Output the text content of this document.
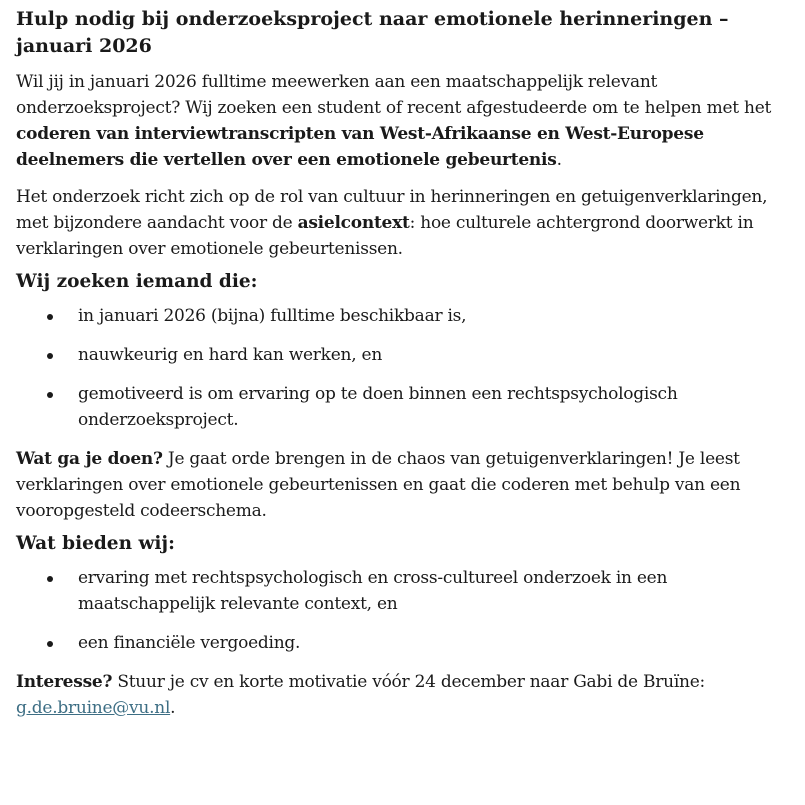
Hulp nodig bij onderzoeksproject naar emotionele herinneringen – januari 2026

Wil jij in januari 2026 fulltime meewerken aan een maatschappelijk relevant onderzoeksproject? Wij zoeken een student of recent afgestudeerde om te helpen met het coderen van interviewtranscripten van West-Afrikaanse en West-Europese deelnemers die vertellen over een emotionele gebeurtenis.

Het onderzoek richt zich op de rol van cultuur in herinneringen en getuigenverklaringen, met bijzondere aandacht voor de asielcontext: hoe culturele achtergrond doorwerkt in verklaringen over emotionele gebeurtenissen.

Wij zoeken iemand die:
in januari 2026 (bijna) fulltime beschikbaar is,
nauwkeurig en hard kan werken, en
gemotiveerd is om ervaring op te doen binnen een rechtspsychologisch onderzoeksproject.

Wat ga je doen? Je gaat orde brengen in de chaos van getuigenverklaringen! Je leest verklaringen over emotionele gebeurtenissen en gaat die coderen met behulp van een vooropgesteld codeerschema.

Wat bieden wij:
ervaring met rechtspsychologisch en cross-cultureel onderzoek in een maatschappelijk relevante context, en
een financiële vergoeding.

Interesse? Stuur je cv en korte motivatie vóór 24 december naar Gabi de Bruïne: g.de.bruine@vu.nl.
